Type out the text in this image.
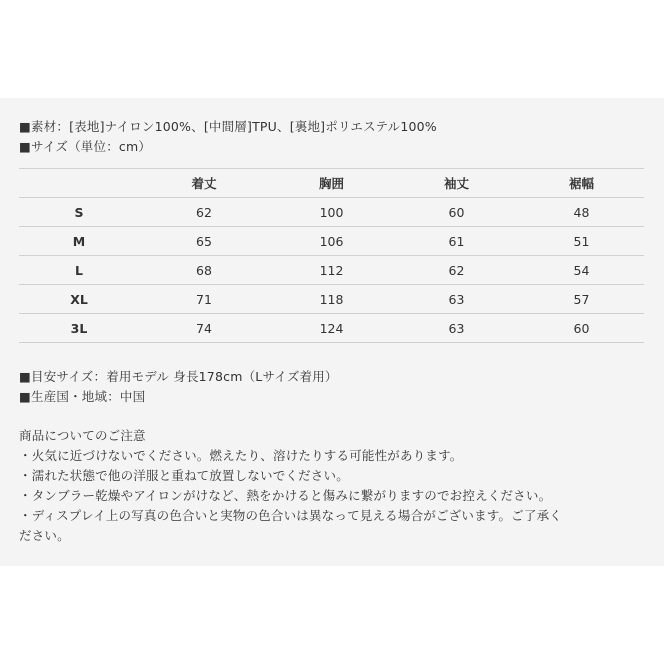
■素材：[表地]ナイロン100%、[中間層]TPU、[裏地]ポリエステル100%
■サイズ（単位：cm）
	着丈	胸囲	袖丈	裾幅
S	62	100	60	48
M	65	106	61	51
L	68	112	62	54
XL	71	118	63	57
3L	74	124	63	60
■目安サイズ：着用モデル 身長178cm（Lサイズ着用）
■生産国・地域：中国
商品についてのご注意
・火気に近づけないでください。燃えたり、溶けたりする可能性があります。
・濡れた状態で他の洋服と重ねて放置しないでください。
・タンブラー乾燥やアイロンがけなど、熱をかけると傷みに繋がりますのでお控えください。
・ディスプレイ上の写真の色合いと実物の色合いは異なって見える場合がございます。ご了承く
ださい。
